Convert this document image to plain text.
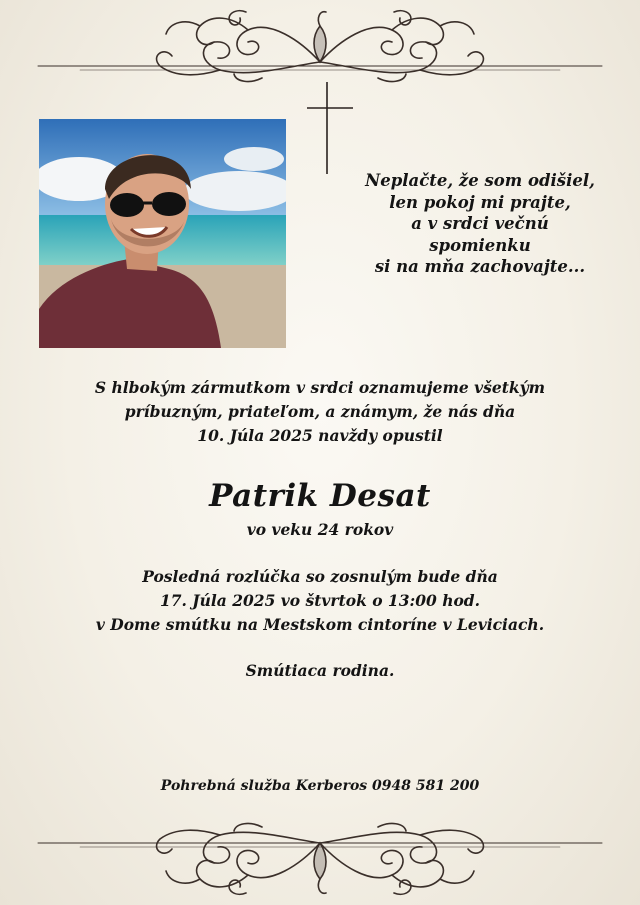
Neplačte, že som odišiel,
len pokoj mi prajte,
a v srdci večnú
spomienku
si na mňa zachovajte...
S hlbokým zármutkom v srdci oznamujeme všetkým
príbuzným, priateľom, a známym, že nás dňa
10. Júla 2025 navždy opustil
Patrik Desat
vo veku 24 rokov
Posledná rozlúčka so zosnulým bude dňa
17. Júla 2025 vo štvrtok o 13:00 hod.
v Dome smútku na Mestskom cintoríne v Leviciach.
Smútiaca rodina.
Pohrebná služba Kerberos 0948 581 200
